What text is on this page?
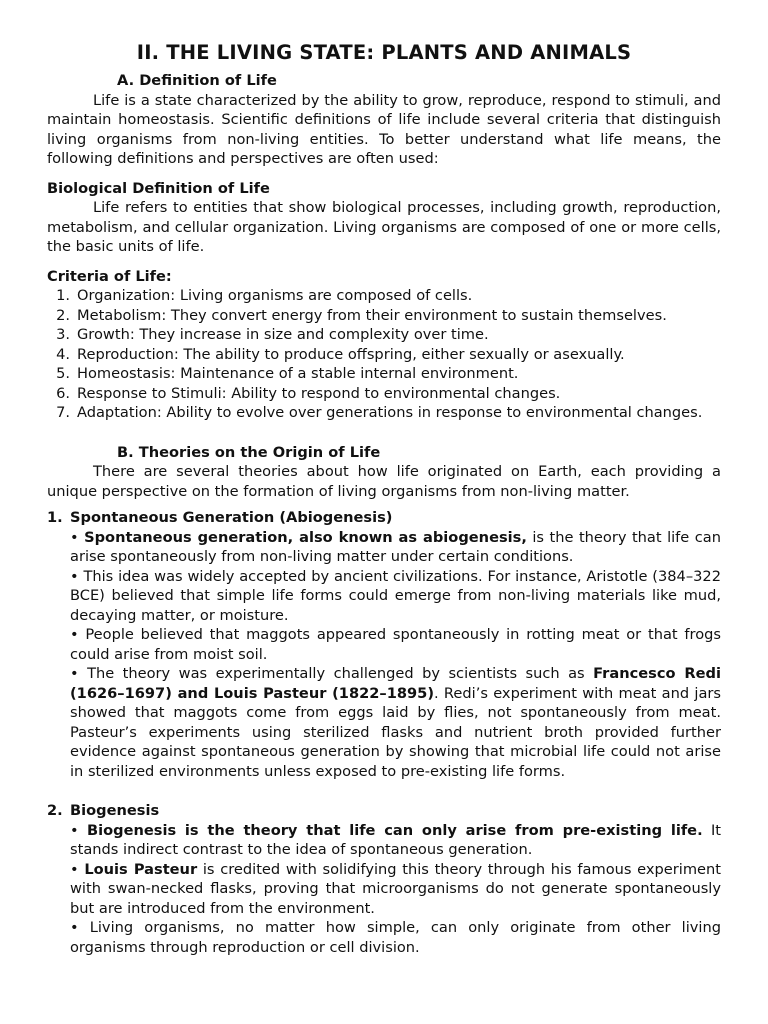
II. THE LIVING STATE: PLANTS AND ANIMALS
A. Definition of Life

Life is a state characterized by the ability to grow, reproduce, respond to stimuli, and maintain homeostasis. Scientific definitions of life include several criteria that distinguish living organisms from non-living entities. To better understand what life means, the following definitions and perspectives are often used:

Biological Definition of Life

Life refers to entities that show biological processes, including growth, reproduction, metabolism, and cellular organization. Living organisms are composed of one or more cells, the basic units of life.

Criteria of Life:
1. Organization: Living organisms are composed of cells.
2. Metabolism: They convert energy from their environment to sustain themselves.
3. Growth: They increase in size and complexity over time.
4. Reproduction: The ability to produce offspring, either sexually or asexually.
5. Homeostasis: Maintenance of a stable internal environment.
6. Response to Stimuli: Ability to respond to environmental changes.
7. Adaptation: Ability to evolve over generations in response to environmental changes.
B. Theories on the Origin of Life

There are several theories about how life originated on Earth, each providing a unique perspective on the formation of living organisms from non-living matter.

1. Spontaneous Generation (Abiogenesis)

• Spontaneous generation, also known as abiogenesis, is the theory that life can arise spontaneously from non-living matter under certain conditions.

• This idea was widely accepted by ancient civilizations. For instance, Aristotle (384–322 BCE) believed that simple life forms could emerge from non-living materials like mud, decaying matter, or moisture.

• People believed that maggots appeared spontaneously in rotting meat or that frogs could arise from moist soil.

• The theory was experimentally challenged by scientists such as Francesco Redi (1626–1697) and Louis Pasteur (1822–1895). Redi’s experiment with meat and jars showed that maggots come from eggs laid by flies, not spontaneously from meat. Pasteur’s experiments using sterilized flasks and nutrient broth provided further evidence against spontaneous generation by showing that microbial life could not arise in sterilized environments unless exposed to pre-existing life forms.

2. Biogenesis

• Biogenesis is the theory that life can only arise from pre-existing life. It stands indirect contrast to the idea of spontaneous generation.

• Louis Pasteur is credited with solidifying this theory through his famous experiment with swan-necked flasks, proving that microorganisms do not generate spontaneously but are introduced from the environment.

• Living organisms, no matter how simple, can only originate from other living organisms through reproduction or cell division.
